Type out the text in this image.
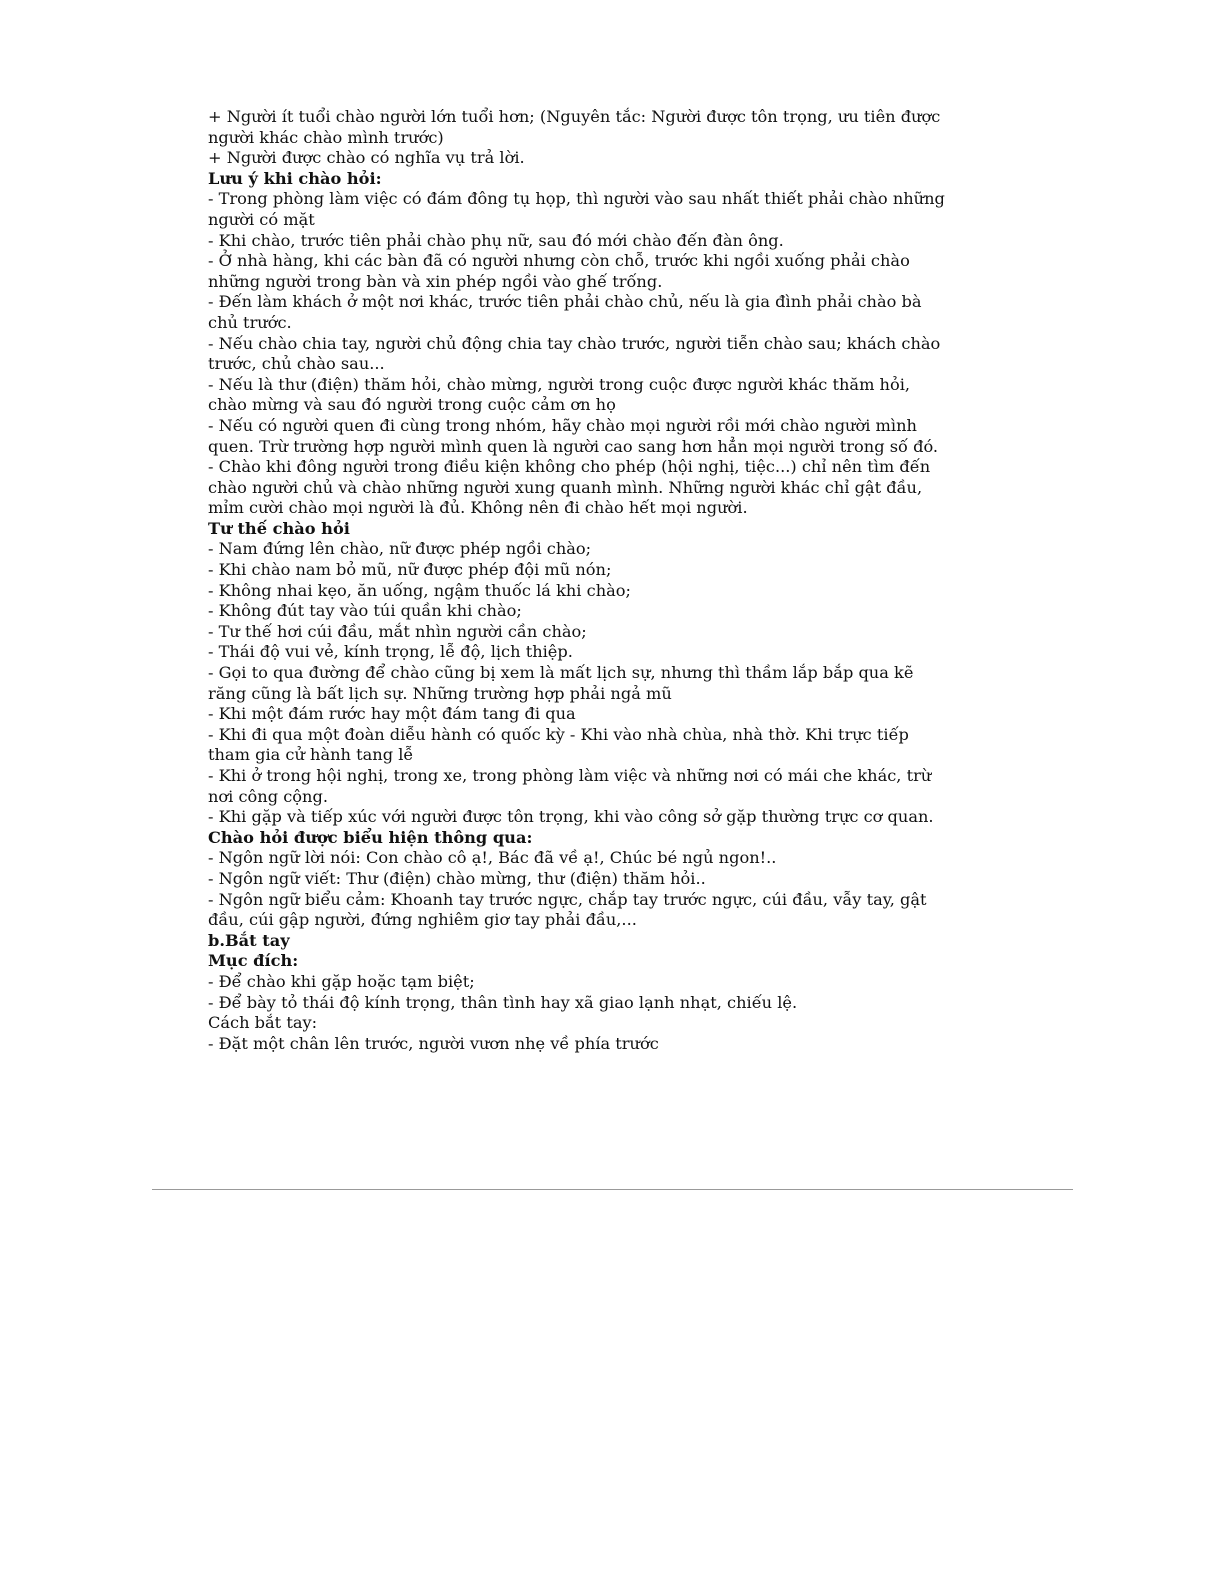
+ Người ít tuổi chào người lớn tuổi hơn; (Nguyên tắc: Người được tôn trọng, ưu tiên được
người khác chào mình trước)
+ Người được chào có nghĩa vụ trả lời.
Lưu ý khi chào hỏi:
- Trong phòng làm việc có đám đông tụ họp, thì người vào sau nhất thiết phải chào những
người có mặt
- Khi chào, trước tiên phải chào phụ nữ, sau đó mới chào đến đàn ông.
- Ở nhà hàng, khi các bàn đã có người nhưng còn chỗ, trước khi ngồi xuống phải chào
những người trong bàn và xin phép ngồi vào ghế trống.
- Đến làm khách ở một nơi khác, trước tiên phải chào chủ, nếu là gia đình phải chào bà
chủ trước.
- Nếu chào chia tay, người chủ động chia tay chào trước, người tiễn chào sau; khách chào
trước, chủ chào sau...
- Nếu là thư (điện) thăm hỏi, chào mừng, người trong cuộc được người khác thăm hỏi,
chào mừng và sau đó người trong cuộc cảm ơn họ
- Nếu có người quen đi cùng trong nhóm, hãy chào mọi người rồi mới chào người mình
quen. Trừ trường hợp người mình quen là người cao sang hơn hẳn mọi người trong số đó.
- Chào khi đông người trong điều kiện không cho phép (hội nghị, tiệc...) chỉ nên tìm đến
chào người chủ và chào những người xung quanh mình. Những người khác chỉ gật đầu,
mỉm cười chào mọi người là đủ. Không nên đi chào hết mọi người.
Tư thế chào hỏi
- Nam đứng lên chào, nữ được phép ngồi chào;
- Khi chào nam bỏ mũ, nữ được phép đội mũ nón;
- Không nhai kẹo, ăn uống, ngậm thuốc lá khi chào;
- Không đút tay vào túi quần khi chào;
- Tư thế hơi cúi đầu, mắt nhìn người cần chào;
- Thái độ vui vẻ, kính trọng, lễ độ, lịch thiệp.
- Gọi to qua đường để chào cũng bị xem là mất lịch sự, nhưng thì thầm lắp bắp qua kẽ
răng cũng là bất lịch sự. Những trường hợp phải ngả mũ
- Khi một đám rước hay một đám tang đi qua
- Khi đi qua một đoàn diễu hành có quốc kỳ - Khi vào nhà chùa, nhà thờ. Khi trực tiếp
tham gia cử hành tang lễ
- Khi ở trong hội nghị, trong xe, trong phòng làm việc và những nơi có mái che khác, trừ
nơi công cộng.
- Khi gặp và tiếp xúc với người được tôn trọng, khi vào công sở gặp thường trực cơ quan.
Chào hỏi được biểu hiện thông qua:
- Ngôn ngữ lời nói: Con chào cô ạ!, Bác đã về ạ!, Chúc bé ngủ ngon!..
- Ngôn ngữ viết: Thư (điện) chào mừng, thư (điện) thăm hỏi..
- Ngôn ngữ biểu cảm: Khoanh tay trước ngực, chắp tay trước ngực, cúi đầu, vẫy tay, gật
đầu, cúi gập người, đứng nghiêm giơ tay phải đầu,...
b.Bắt tay
Mục đích:
- Để chào khi gặp hoặc tạm biệt;
- Để bày tỏ thái độ kính trọng, thân tình hay xã giao lạnh nhạt, chiếu lệ.
Cách bắt tay:
- Đặt một chân lên trước, người vươn nhẹ về phía trước
